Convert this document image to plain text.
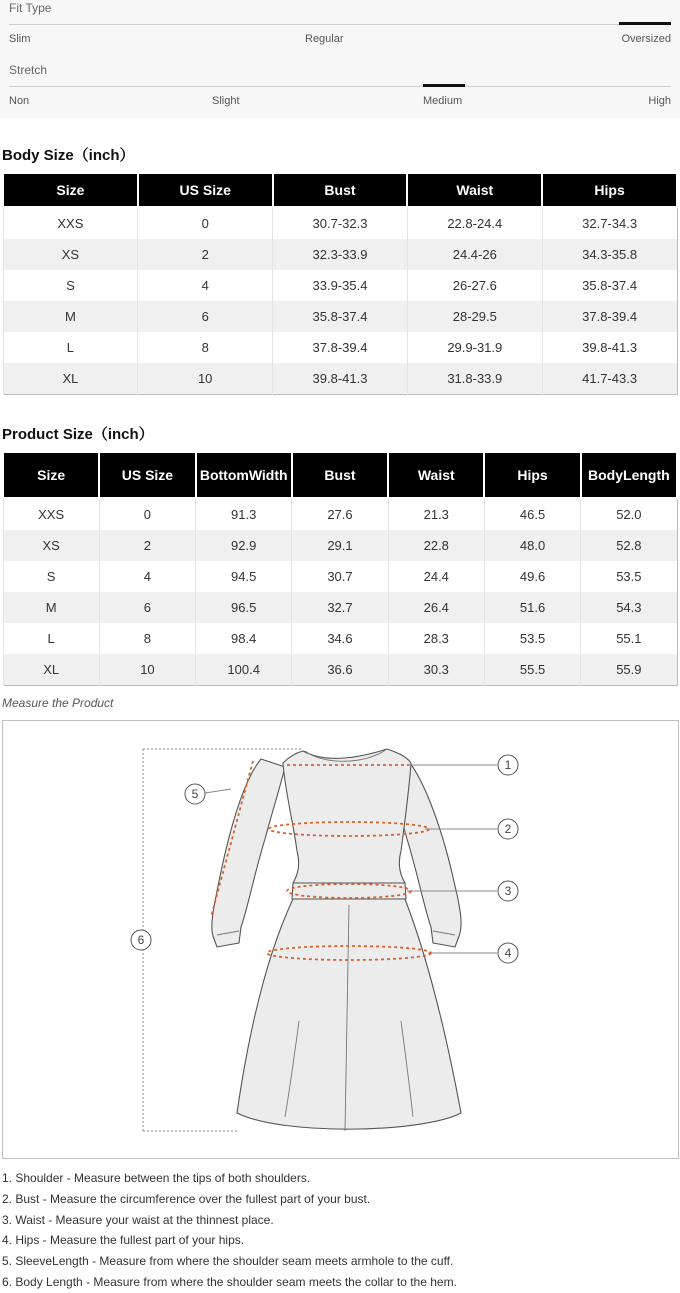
Fit Type
Slim	Regular	Oversized
Stretch
Non	Slight	Medium	High
Body Size（inch）
Size	US Size	Bust	Waist	Hips
XXS	0	30.7-32.3	22.8-24.4	32.7-34.3
XS	2	32.3-33.9	24.4-26	34.3-35.8
S	4	33.9-35.4	26-27.6	35.8-37.4
M	6	35.8-37.4	28-29.5	37.8-39.4
L	8	37.8-39.4	29.9-31.9	39.8-41.3
XL	10	39.8-41.3	31.8-33.9	41.7-43.3
Product Size（inch）
Size	US Size	BottomWidth	Bust	Waist	Hips	BodyLength
XXS	0	91.3	27.6	21.3	46.5	52.0
XS	2	92.9	29.1	22.8	48.0	52.8
S	4	94.5	30.7	24.4	49.6	53.5
M	6	96.5	32.7	26.4	51.6	54.3
L	8	98.4	34.6	28.3	53.5	55.1
XL	10	100.4	36.6	30.3	55.5	55.9
Measure the Product
1
2
3
4
5
6
1. Shoulder - Measure between the tips of both shoulders.
2. Bust - Measure the circumference over the fullest part of your bust.
3. Waist - Measure your waist at the thinnest place.
4. Hips - Measure the fullest part of your hips.
5. SleeveLength - Measure from where the shoulder seam meets armhole to the cuff.
6. Body Length - Measure from where the shoulder seam meets the collar to the hem.
